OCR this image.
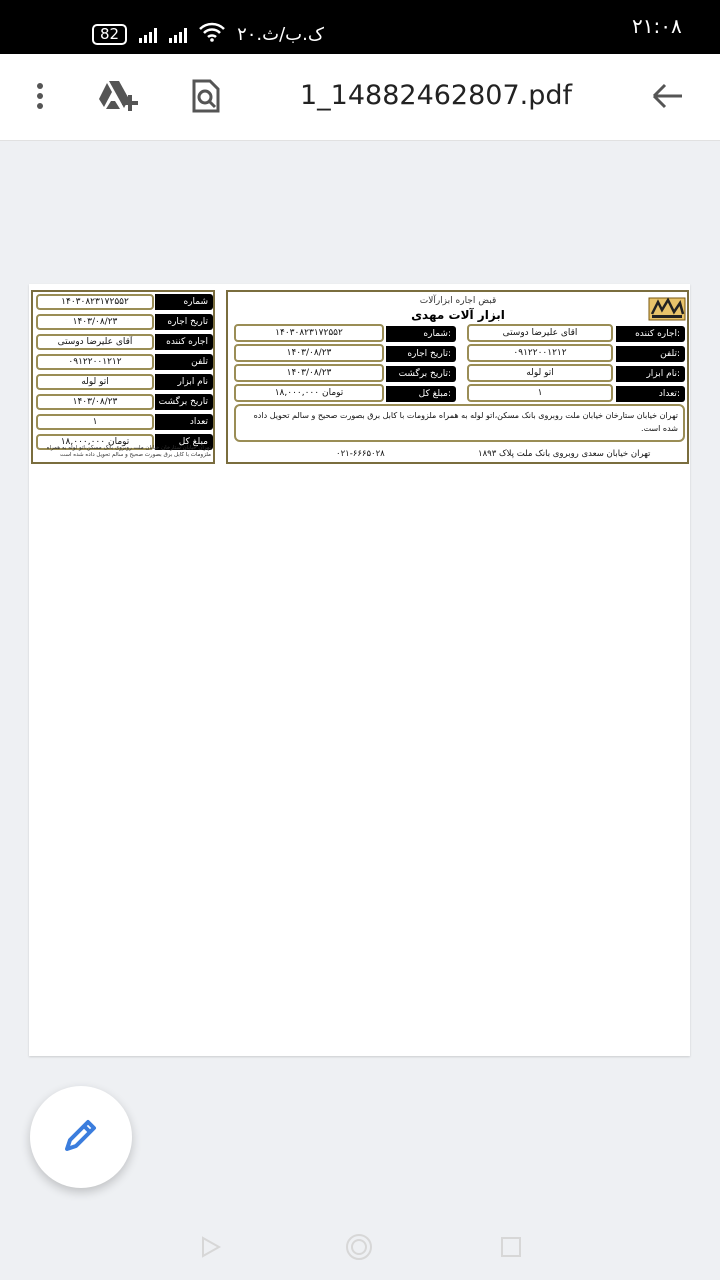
82	۲۰.ک.ب/ث	۲۱:۰۸
1_14882462807.pdf
شماره
۱۴۰۳۰۸۲۳۱۷۲۵۵۲
تاریخ اجاره
۱۴۰۳/۰۸/۲۳
اجاره کننده
آقای علیرضا دوستی
تلفن
۰۹۱۲۲۰۰۱۲۱۲
نام ابزار
اتو لوله
تاریخ برگشت
۱۴۰۳/۰۸/۲۳
تعداد
۱
مبلغ کل
۱۸,۰۰۰,۰۰۰ تومان
تهران خیابان ستارخان خیابان ملت روبروی بانک مسکن،اتو لوله به همراه ملزومات با کابل برق بصورت صحیح و سالم تحویل داده شده است
قبض اجاره ابزارآلات
ابزار آلات مهدی
اجاره کننده:
اقای علیرضا دوستی
تلفن:
۰۹۱۲۲۰۰۱۲۱۲
نام ابزار:
اتو لوله
تعداد:
۱
شماره:
۱۴۰۳۰۸۲۳۱۷۲۵۵۲
تاریخ اجاره:
۱۴۰۳/۰۸/۲۳
تاریخ برگشت:
۱۴۰۳/۰۸/۲۳
مبلغ کل:
۱۸,۰۰۰,۰۰۰ تومان
تهران خیابان ستارخان خیابان ملت روبروی بانک مسکن،اتو لوله به همراه ملزومات با کابل برق بصورت صحیح و سالم تحویل داده شده است.
تهران خیابان سعدی روبروی بانک ملت پلاک ۱۸۹۳
۰۲۱-۶۶۶۵۰۲۸
